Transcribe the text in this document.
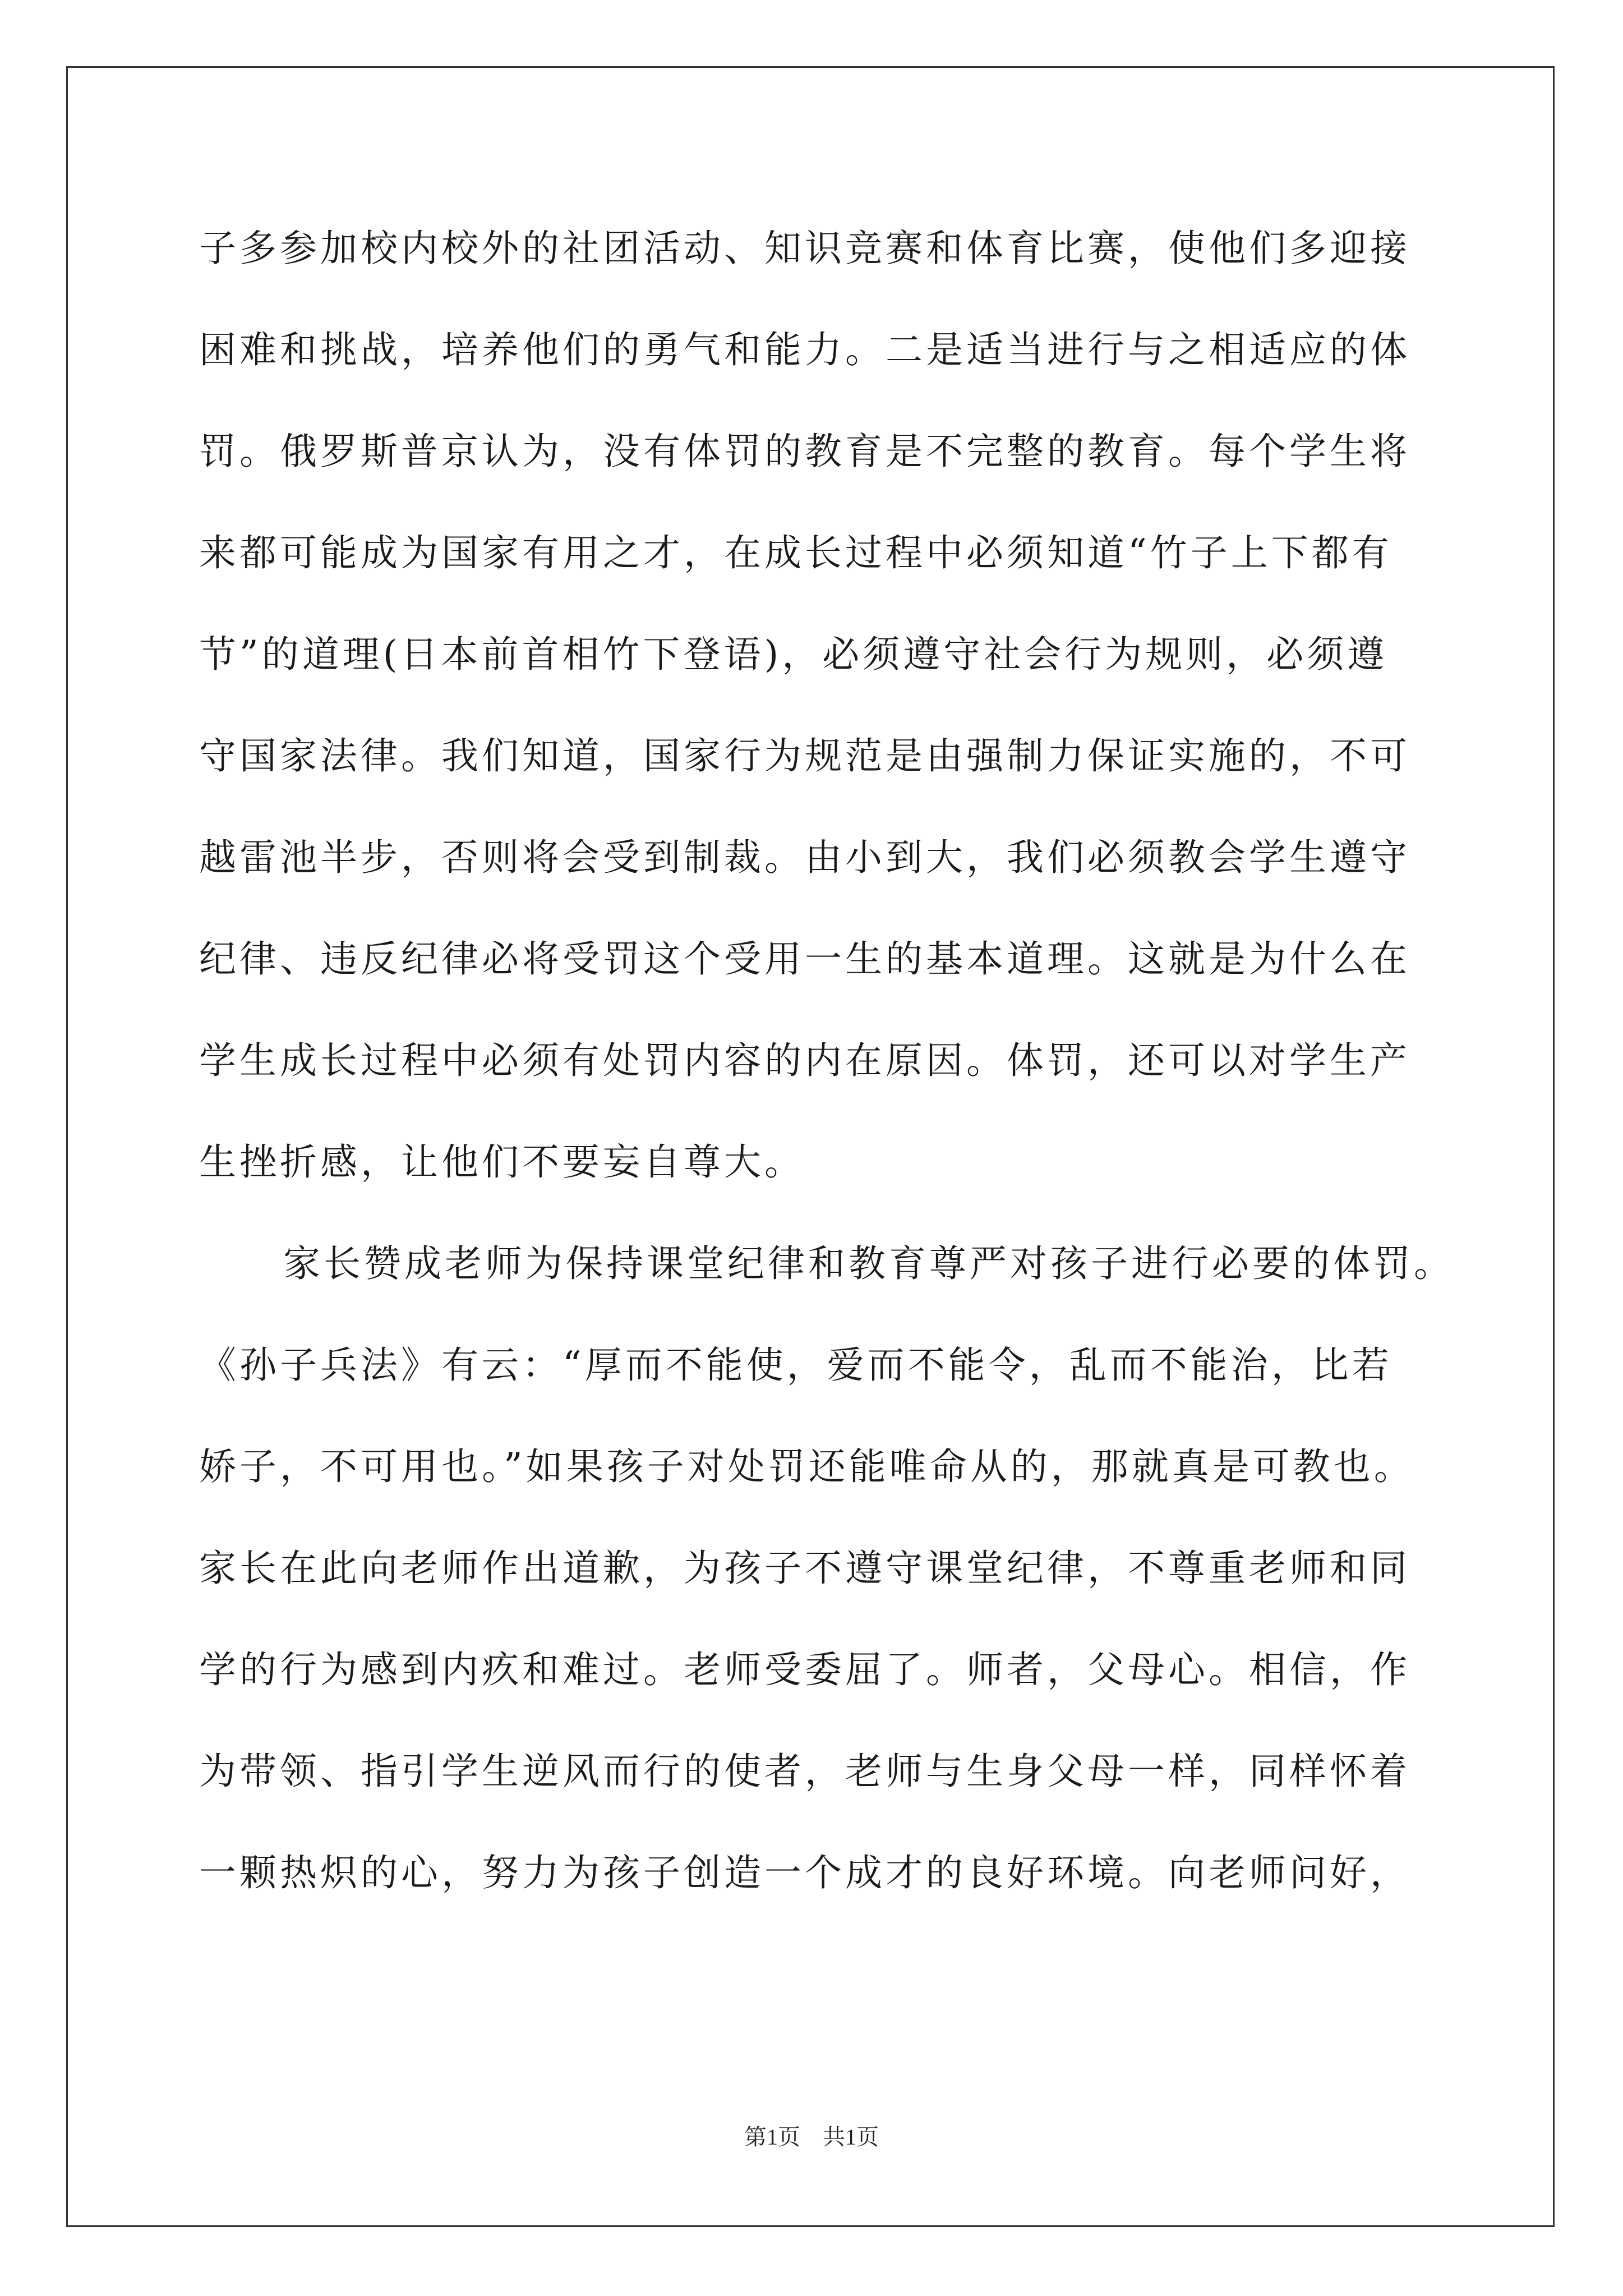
子多参加校内校外的社团活动、知识竞赛和体育比赛，使他们多迎接
困难和挑战，培养他们的勇气和能力。二是适当进行与之相适应的体
罚。俄罗斯普京认为，没有体罚的教育是不完整的教育。每个学生将
来都可能成为国家有用之才，在成长过程中必须知道“竹子上下都有
节”的道理(日本前首相竹下登语)，必须遵守社会行为规则，必须遵
守国家法律。我们知道，国家行为规范是由强制力保证实施的，不可
越雷池半步，否则将会受到制裁。由小到大，我们必须教会学生遵守
纪律、违反纪律必将受罚这个受用一生的基本道理。这就是为什么在
学生成长过程中必须有处罚内容的内在原因。体罚，还可以对学生产
生挫折感，让他们不要妄自尊大。
家长赞成老师为保持课堂纪律和教育尊严对孩子进行必要的体罚。
《孙子兵法》有云：“厚而不能使，爱而不能令，乱而不能治，比若
娇子，不可用也。”如果孩子对处罚还能唯命从的，那就真是可教也。
家长在此向老师作出道歉，为孩子不遵守课堂纪律，不尊重老师和同
学的行为感到内疚和难过。老师受委屈了。师者，父母心。相信，作
为带领、指引学生逆风而行的使者，老师与生身父母一样，同样怀着
一颗热炽的心，努力为孩子创造一个成才的良好环境。向老师问好，
第1页　共1页
